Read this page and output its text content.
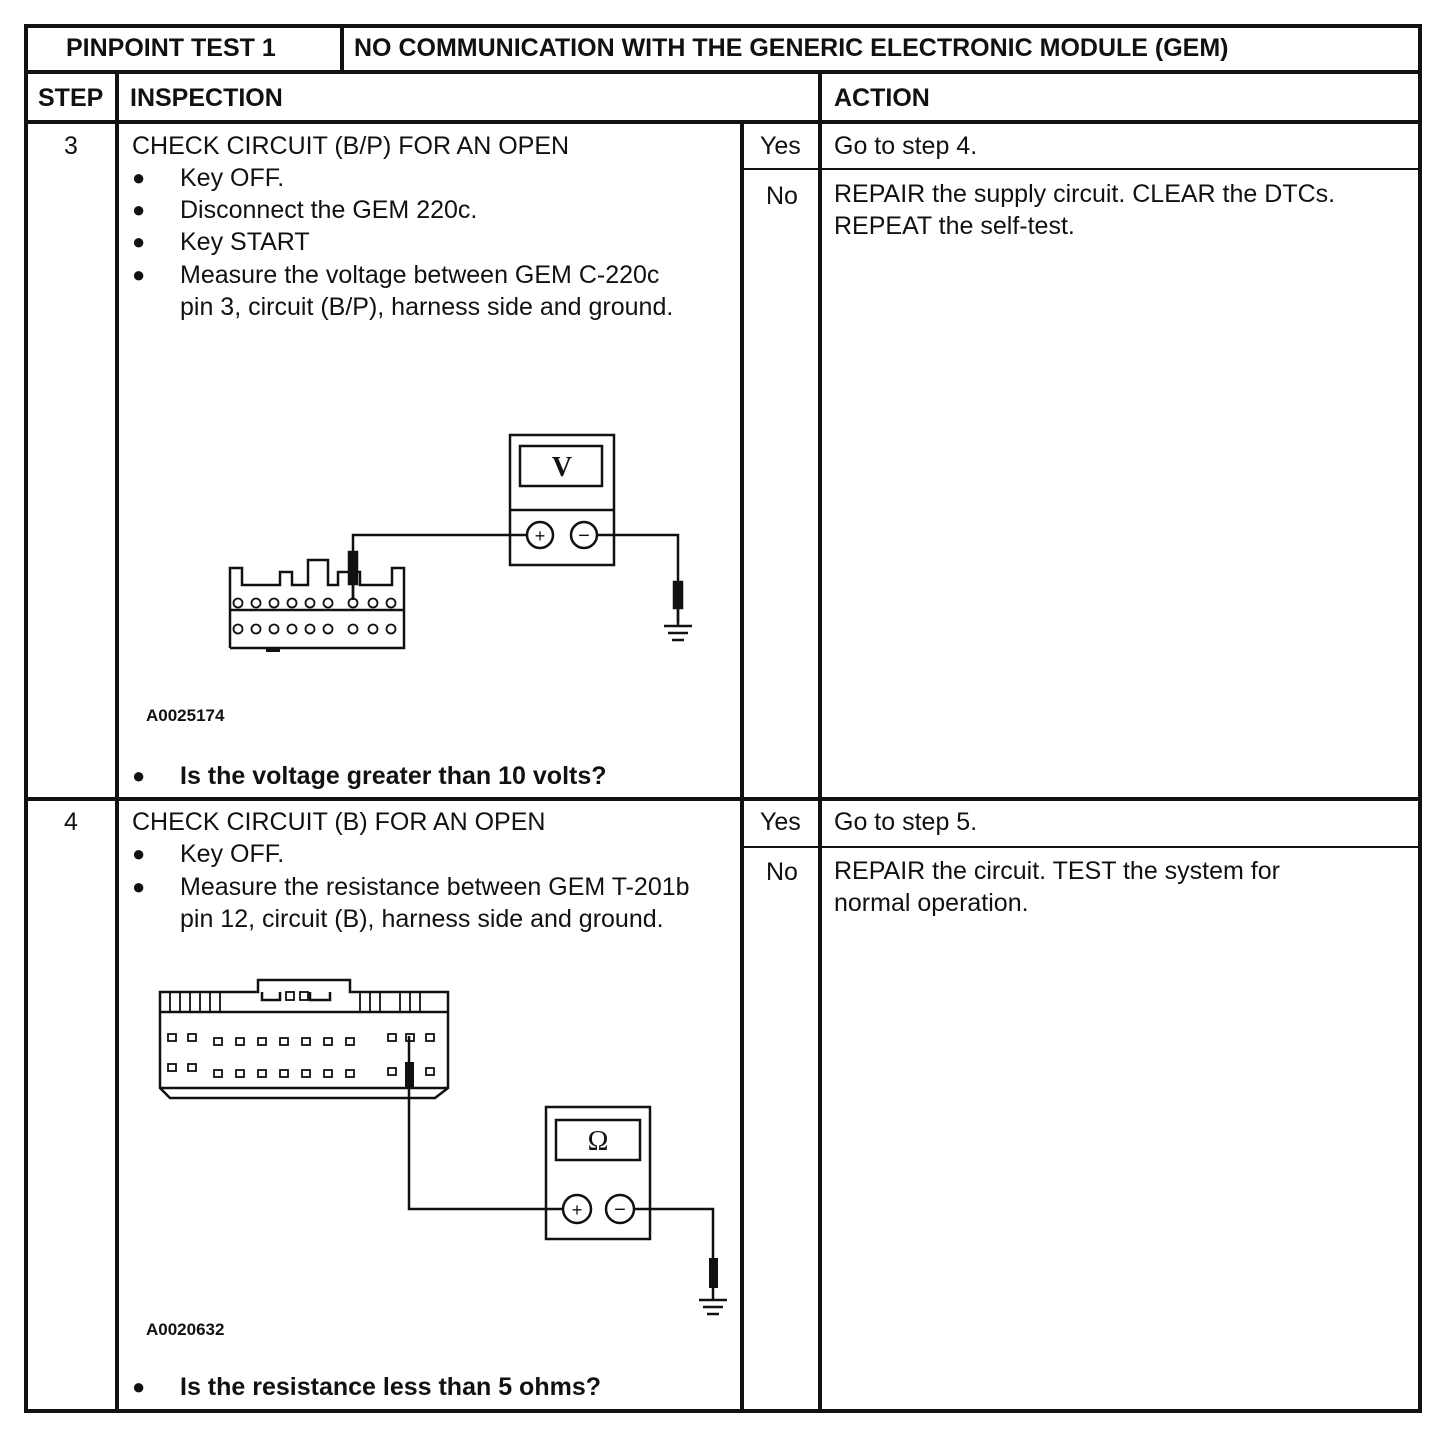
PINPOINT TEST 1	NO COMMUNICATION WITH THE GENERIC ELECTRONIC MODULE (GEM)
STEP INSPECTION	ACTION
3 CHECK CIRCUIT (B/P) FOR AN OPEN
● Key OFF.
● Disconnect the GEM 220c.
● Key START
● Measure the voltage between GEM C-220c
pin 3, circuit (B/P), harness side and ground.
V
+ −
A0025174
● Is the voltage greater than 10 volts?
Yes
No
Go to step 4.
REPAIR the supply circuit. CLEAR the DTCs.
REPEAT the self-test.
4 CHECK CIRCUIT (B) FOR AN OPEN
● Key OFF.
● Measure the resistance between GEM T-201b
pin 12, circuit (B), harness side and ground.
Ω
+ −
A0020632
● Is the resistance less than 5 ohms?
Yes
No
Go to step 5.
REPAIR the circuit. TEST the system for
normal operation.
